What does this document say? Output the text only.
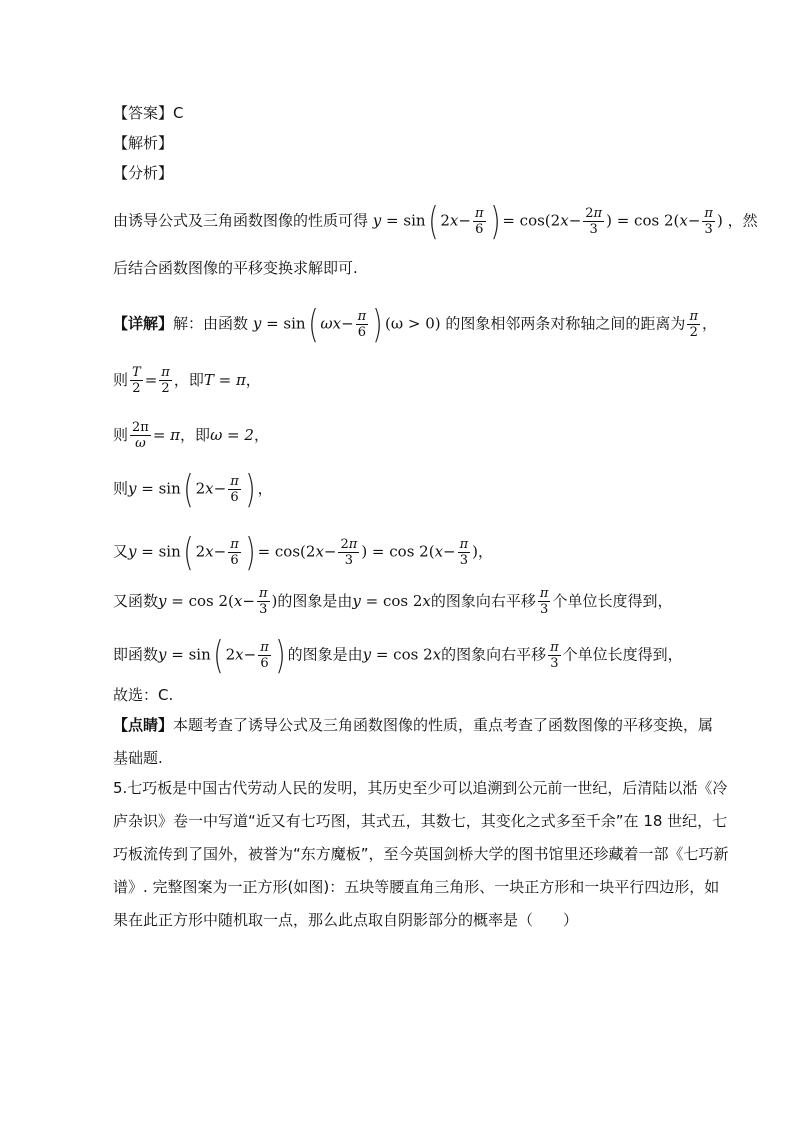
【答案】C
【解析】
【分析】
由诱导公式及三角函数图像的性质可得 y = sin( $2x- \frac{\pi}{6}$ ) = $\cos(2x- \frac{2\pi}{3}$ ) = $\cos 2(x- \frac{\pi}{3}$ ) ，然
后结合函数图像的平移变换求解即可.
【详解】解：由函数 y = sin( $\omega x- \frac{\pi}{6}$ ) (ω > 0) 的图象相邻两条对称轴之间的距离为 $\frac{\pi}{2}$ ，
则 $\frac{T}{2} = \frac{\pi}{2}$ ，即T = π，
则 $\frac{2\pi}{\omega} = \pi$，即ω = 2，
则y = sin( $2x- \frac{\pi}{6}$ ) ，
又y = sin( $2x- \frac{\pi}{6}$ ) = $\cos(2x- \frac{2\pi}{3}$ ) = $\cos 2(x- \frac{\pi}{3}$ )，
又函数$y = \cos 2(x- \frac{\pi}{3}$ )的图象是由y = cos 2x的图象向右平移 $\frac{\pi}{3}$ 个单位长度得到，
即函数y = sin( $2x- \frac{\pi}{6}$ ) 的图象是由y = cos 2x的图象向右平移 $\frac{\pi}{3}$ 个单位长度得到，
故选：C.
【点睛】本题考查了诱导公式及三角函数图像的性质，重点考查了函数图像的平移变换，属
基础题.
5.七巧板是中国古代劳动人民的发明，其历史至少可以追溯到公元前一世纪，后清陆以湉《冷
庐杂识》卷一中写道“近又有七巧图，其式五，其数七，其变化之式多至千余”在 18 世纪，七
巧板流传到了国外，被誉为“东方魔板”，至今英国剑桥大学的图书馆里还珍藏着一部《七巧新
谱》. 完整图案为一正方形(如图)：五块等腰直角三角形、一块正方形和一块平行四边形，如
果在此正方形中随机取一点，那么此点取自阴影部分的概率是（　　）
